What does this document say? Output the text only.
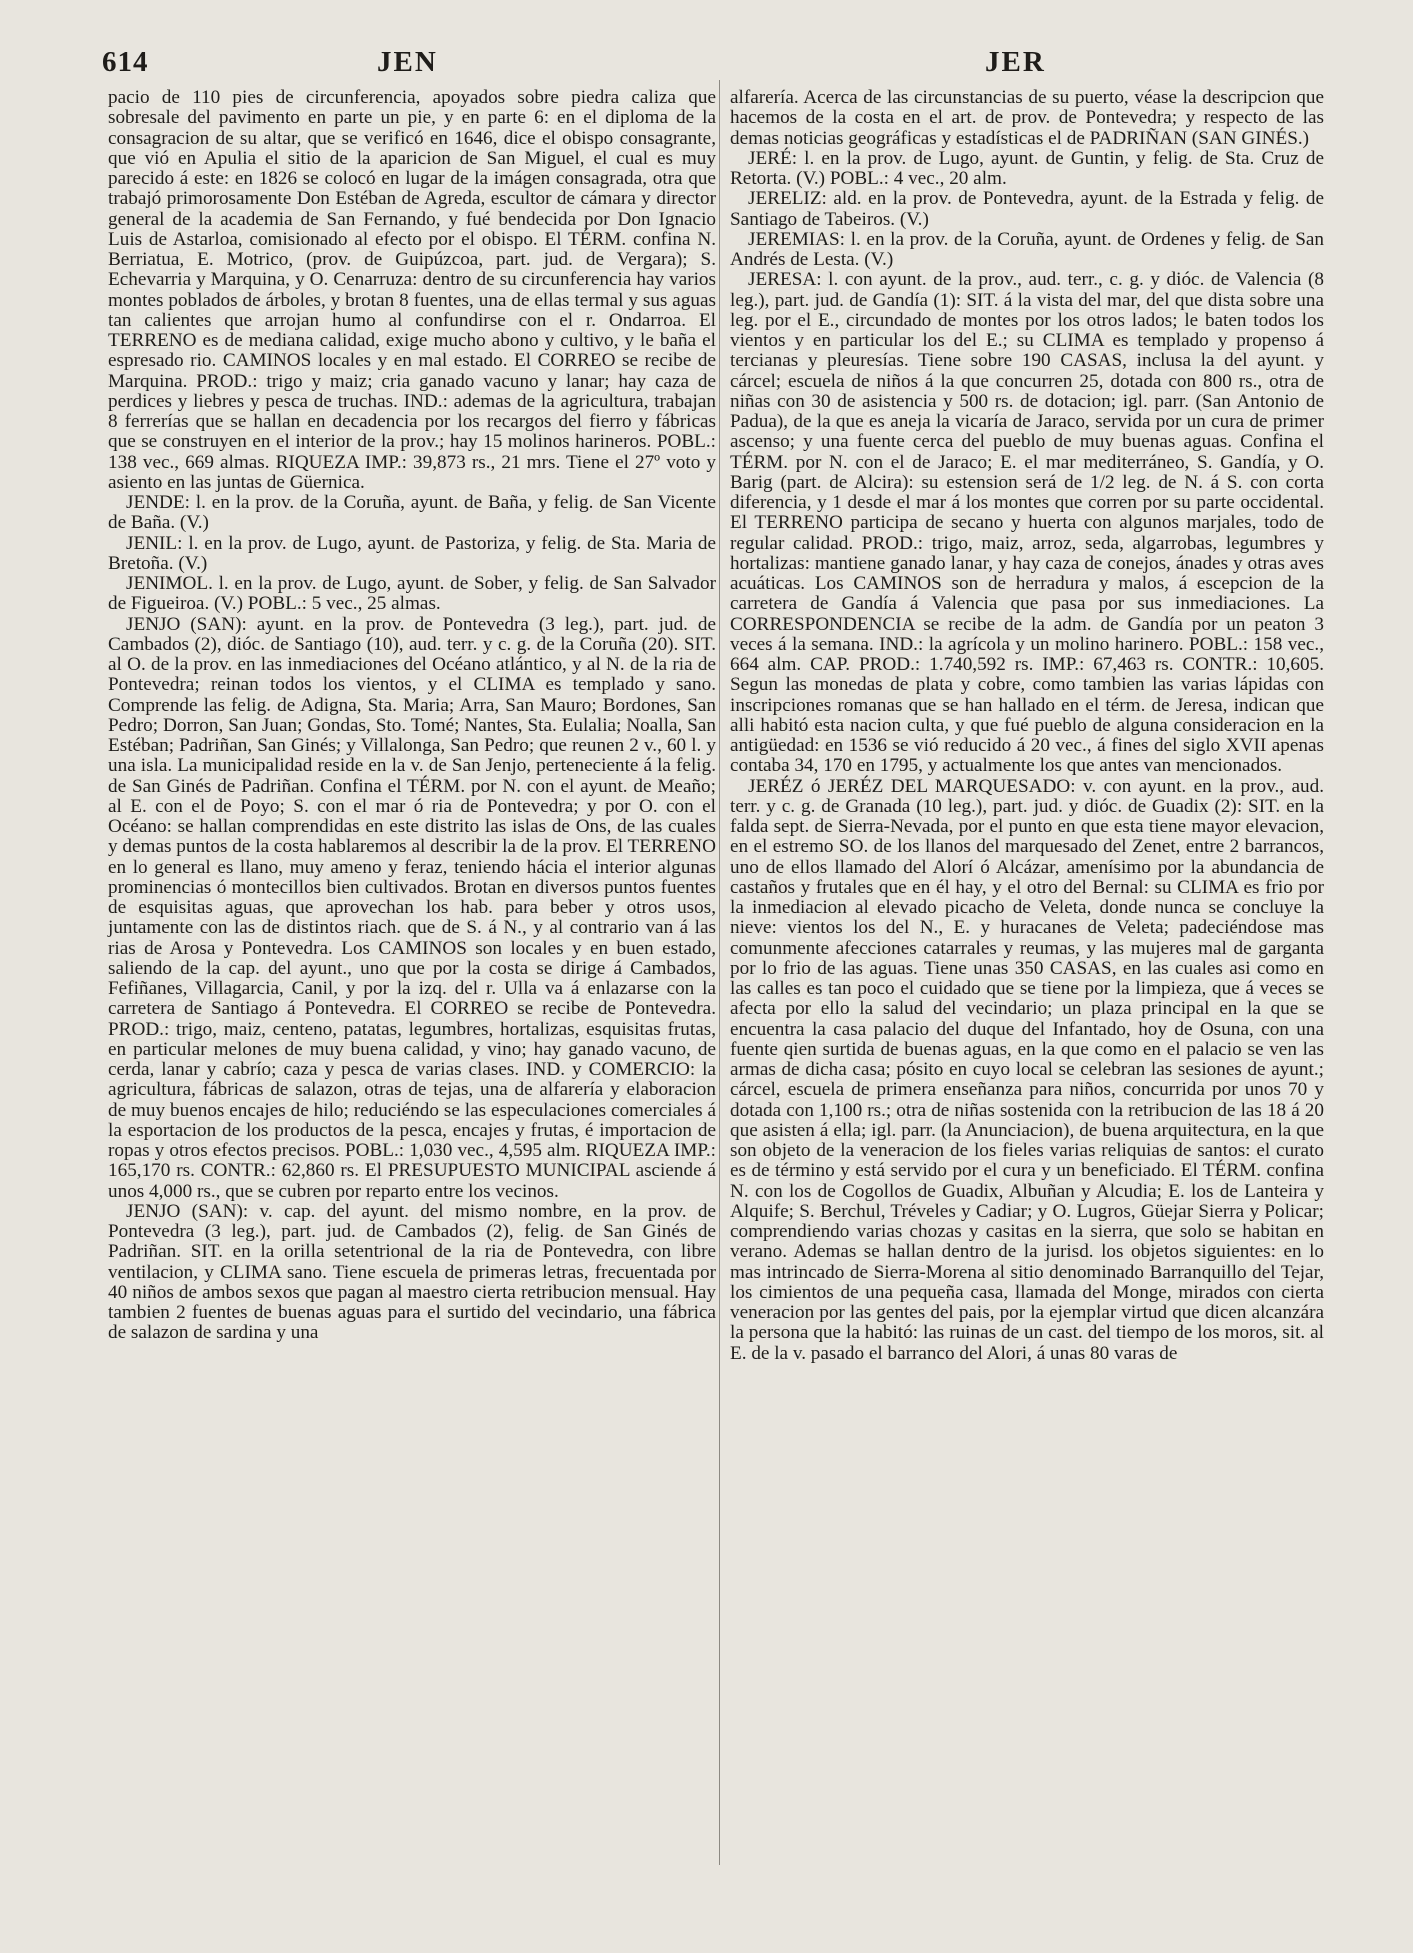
614	JEN	JER

pacio de 110 pies de circunferencia, apoyados sobre piedra caliza que sobresale del pavimento en parte un pie, y en parte 6: en el diploma de la consagracion de su altar, que se verificó en 1646, dice el obispo consagrante, que vió en Apulia el sitio de la aparicion de San Miguel, el cual es muy parecido á este: en 1826 se colocó en lugar de la imágen consagrada, otra que trabajó primorosamente Don Estéban de Agreda, escultor de cámara y director general de la academia de San Fernando, y fué bendecida por Don Ignacio Luis de Astarloa, comisionado al efecto por el obispo. El TÉRM. confina N. Berriatua, E. Motrico, (prov. de Guipúzcoa, part. jud. de Vergara); S. Echevarria y Marquina, y O. Cenarruza: dentro de su circunferencia hay varios montes poblados de árboles, y brotan 8 fuentes, una de ellas termal y sus aguas tan calientes que arrojan humo al confundirse con el r. Ondarroa. El TERRENO es de mediana calidad, exige mucho abono y cultivo, y le baña el espresado rio. CAMINOS locales y en mal estado. El CORREO se recibe de Marquina. PROD.: trigo y maiz; cria ganado vacuno y lanar; hay caza de perdices y liebres y pesca de truchas. IND.: ademas de la agricultura, trabajan 8 ferrerías que se hallan en decadencia por los recargos del fierro y fábricas que se construyen en el interior de la prov.; hay 15 molinos harineros. POBL.: 138 vec., 669 almas. RIQUEZA IMP.: 39,873 rs., 21 mrs. Tiene el 27º voto y asiento en las juntas de Güernica.

JENDE: l. en la prov. de la Coruña, ayunt. de Baña, y felig. de San Vicente de Baña. (V.)

JENIL: l. en la prov. de Lugo, ayunt. de Pastoriza, y felig. de Sta. Maria de Bretoña. (V.)

JENIMOL. l. en la prov. de Lugo, ayunt. de Sober, y felig. de San Salvador de Figueiroa. (V.) POBL.: 5 vec., 25 almas.

JENJO (SAN): ayunt. en la prov. de Pontevedra (3 leg.), part. jud. de Cambados (2), dióc. de Santiago (10), aud. terr. y c. g. de la Coruña (20). SIT. al O. de la prov. en las inmediaciones del Océano atlántico, y al N. de la ria de Pontevedra; reinan todos los vientos, y el CLIMA es templado y sano. Comprende las felig. de Adigna, Sta. Maria; Arra, San Mauro; Bordones, San Pedro; Dorron, San Juan; Gondas, Sto. Tomé; Nantes, Sta. Eulalia; Noalla, San Estéban; Padriñan, San Ginés; y Villalonga, San Pedro; que reunen 2 v., 60 l. y una isla. La municipalidad reside en la v. de San Jenjo, perteneciente á la felig. de San Ginés de Padriñan. Confina el TÉRM. por N. con el ayunt. de Meaño; al E. con el de Poyo; S. con el mar ó ria de Pontevedra; y por O. con el Océano: se hallan comprendidas en este distrito las islas de Ons, de las cuales y demas puntos de la costa hablaremos al describir la de la prov. El TERRENO en lo general es llano, muy ameno y feraz, teniendo hácia el interior algunas prominencias ó montecillos bien cultivados. Brotan en diversos puntos fuentes de esquisitas aguas, que aprovechan los hab. para beber y otros usos, juntamente con las de distintos riach. que de S. á N., y al contrario van á las rias de Arosa y Pontevedra. Los CAMINOS son locales y en buen estado, saliendo de la cap. del ayunt., uno que por la costa se dirige á Cambados, Fefiñanes, Villagarcia, Canil, y por la izq. del r. Ulla va á enlazarse con la carretera de Santiago á Pontevedra. El CORREO se recibe de Pontevedra. PROD.: trigo, maiz, centeno, patatas, legumbres, hortalizas, esquisitas frutas, en particular melones de muy buena calidad, y vino; hay ganado vacuno, de cerda, lanar y cabrío; caza y pesca de varias clases. IND. y COMERCIO: la agricultura, fábricas de salazon, otras de tejas, una de alfarería y elaboracion de muy buenos encajes de hilo; reduciéndo se las especulaciones comerciales á la esportacion de los productos de la pesca, encajes y frutas, é importacion de ropas y otros efectos precisos. POBL.: 1,030 vec., 4,595 alm. RIQUEZA IMP.: 165,170 rs. CONTR.: 62,860 rs. El PRESUPUESTO MUNICIPAL asciende á unos 4,000 rs., que se cubren por reparto entre los vecinos.

JENJO (SAN): v. cap. del ayunt. del mismo nombre, en la prov. de Pontevedra (3 leg.), part. jud. de Cambados (2), felig. de San Ginés de Padriñan. SIT. en la orilla setentrional de la ria de Pontevedra, con libre ventilacion, y CLIMA sano. Tiene escuela de primeras letras, frecuentada por 40 niños de ambos sexos que pagan al maestro cierta retribucion mensual. Hay tambien 2 fuentes de buenas aguas para el surtido del vecindario, una fábrica de salazon de sardina y una

alfarería. Acerca de las circunstancias de su puerto, véase la descripcion que hacemos de la costa en el art. de prov. de Pontevedra; y respecto de las demas noticias geográficas y estadísticas el de PADRIÑAN (SAN GINÉS.)

JERÉ: l. en la prov. de Lugo, ayunt. de Guntin, y felig. de Sta. Cruz de Retorta. (V.) POBL.: 4 vec., 20 alm.

JERELIZ: ald. en la prov. de Pontevedra, ayunt. de la Estrada y felig. de Santiago de Tabeiros. (V.)

JEREMIAS: l. en la prov. de la Coruña, ayunt. de Ordenes y felig. de San Andrés de Lesta. (V.)

JERESA: l. con ayunt. de la prov., aud. terr., c. g. y dióc. de Valencia (8 leg.), part. jud. de Gandía (1): SIT. á la vista del mar, del que dista sobre una leg. por el E., circundado de montes por los otros lados; le baten todos los vientos y en particular los del E.; su CLIMA es templado y propenso á tercianas y pleuresías. Tiene sobre 190 CASAS, inclusa la del ayunt. y cárcel; escuela de niños á la que concurren 25, dotada con 800 rs., otra de niñas con 30 de asistencia y 500 rs. de dotacion; igl. parr. (San Antonio de Padua), de la que es aneja la vicaría de Jaraco, servida por un cura de primer ascenso; y una fuente cerca del pueblo de muy buenas aguas. Confina el TÉRM. por N. con el de Jaraco; E. el mar mediterráneo, S. Gandía, y O. Barig (part. de Alcira): su estension será de 1/2 leg. de N. á S. con corta diferencia, y 1 desde el mar á los montes que corren por su parte occidental. El TERRENO participa de secano y huerta con algunos marjales, todo de regular calidad. PROD.: trigo, maiz, arroz, seda, algarrobas, legumbres y hortalizas: mantiene ganado lanar, y hay caza de conejos, ánades y otras aves acuáticas. Los CAMINOS son de herradura y malos, á escepcion de la carretera de Gandía á Valencia que pasa por sus inmediaciones. La CORRESPONDENCIA se recibe de la adm. de Gandía por un peaton 3 veces á la semana. IND.: la agrícola y un molino harinero. POBL.: 158 vec., 664 alm. CAP. PROD.: 1.740,592 rs. IMP.: 67,463 rs. CONTR.: 10,605. Segun las monedas de plata y cobre, como tambien las varias lápidas con inscripciones romanas que se han hallado en el térm. de Jeresa, indican que alli habitó esta nacion culta, y que fué pueblo de alguna consideracion en la antigüedad: en 1536 se vió reducido á 20 vec., á fines del siglo XVII apenas contaba 34, 170 en 1795, y actualmente los que antes van mencionados.

JERÉZ ó JERÉZ DEL MARQUESADO: v. con ayunt. en la prov., aud. terr. y c. g. de Granada (10 leg.), part. jud. y dióc. de Guadix (2): SIT. en la falda sept. de Sierra-Nevada, por el punto en que esta tiene mayor elevacion, en el estremo SO. de los llanos del marquesado del Zenet, entre 2 barrancos, uno de ellos llamado del Alorí ó Alcázar, amenísimo por la abundancia de castaños y frutales que en él hay, y el otro del Bernal: su CLIMA es frio por la inmediacion al elevado picacho de Veleta, donde nunca se concluye la nieve: vientos los del N., E. y huracanes de Veleta; padeciéndose mas comunmente afecciones catarrales y reumas, y las mujeres mal de garganta por lo frio de las aguas. Tiene unas 350 CASAS, en las cuales asi como en las calles es tan poco el cuidado que se tiene por la limpieza, que á veces se afecta por ello la salud del vecindario; un plaza principal en la que se encuentra la casa palacio del duque del Infantado, hoy de Osuna, con una fuente qien surtida de buenas aguas, en la que como en el palacio se ven las armas de dicha casa; pósito en cuyo local se celebran las sesiones de ayunt.; cárcel, escuela de primera enseñanza para niños, concurrida por unos 70 y dotada con 1,100 rs.; otra de niñas sostenida con la retribucion de las 18 á 20 que asisten á ella; igl. parr. (la Anunciacion), de buena arquitectura, en la que son objeto de la veneracion de los fieles varias reliquias de santos: el curato es de término y está servido por el cura y un beneficiado. El TÉRM. confina N. con los de Cogollos de Guadix, Albuñan y Alcudia; E. los de Lanteira y Alquife; S. Berchul, Tréveles y Cadiar; y O. Lugros, Güejar Sierra y Policar; comprendiendo varias chozas y casitas en la sierra, que solo se habitan en verano. Ademas se hallan dentro de la jurisd. los objetos siguientes: en lo mas intrincado de Sierra-Morena al sitio denominado Barranquillo del Tejar, los cimientos de una pequeña casa, llamada del Monge, mirados con cierta veneracion por las gentes del pais, por la ejemplar virtud que dicen alcanzára la persona que la habitó: las ruinas de un cast. del tiempo de los moros, sit. al E. de la v. pasado el barranco del Alori, á unas 80 varas de
